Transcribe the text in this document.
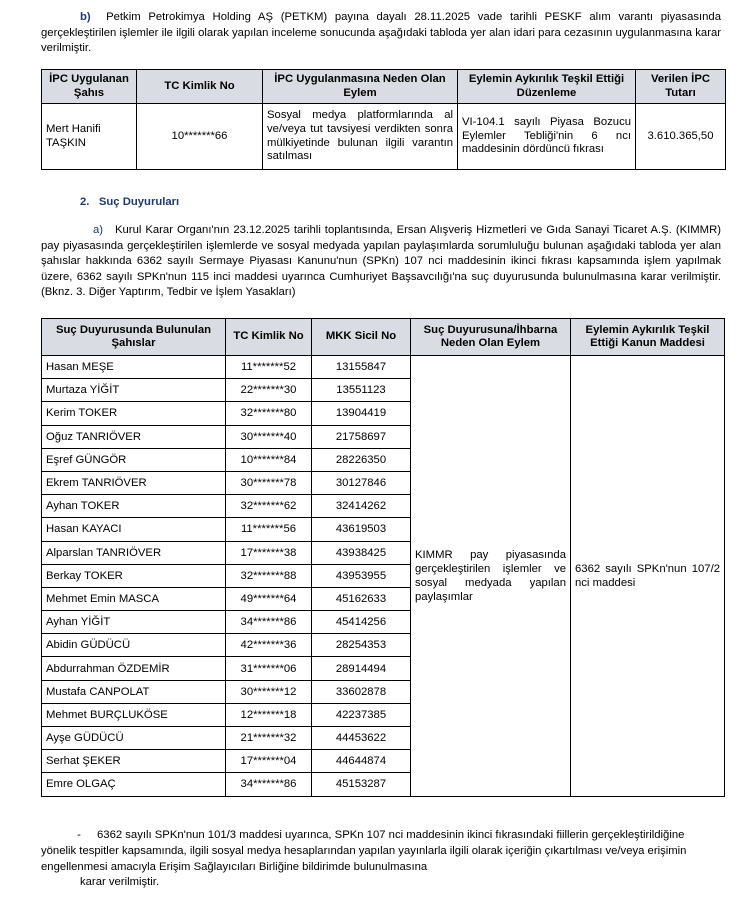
b) Petkim Petrokimya Holding AŞ (PETKM) payına dayalı 28.11.2025 vade tarihli PESKF alım varantı piyasasında gerçekleştirilen işlemler ile ilgili olarak yapılan inceleme sonucunda aşağıdaki tabloda yer alan idari para cezasının uygulanmasına karar verilmiştir.
İPC Uygulanan Şahıs	TC Kimlik No	İPC Uygulanmasına Neden Olan Eylem	Eylemin Aykırılık Teşkil Ettiği Düzenleme	Verilen İPC Tutarı
Mert Hanifi TAŞKIN	10*******66	Sosyal medya platformlarında al ve/veya tut tavsiyesi verdikten sonra mülkiyetinde bulunan ilgili varantın satılması	VI-104.1 sayılı Piyasa Bozucu Eylemler Tebliği'nin 6 ncı maddesinin dördüncü fıkrası	3.610.365,50
2. Suç Duyuruları
a) Kurul Karar Organı'nın 23.12.2025 tarihli toplantısında, Ersan Alışveriş Hizmetleri ve Gıda Sanayi Ticaret A.Ş. (KIMMR) pay piyasasında gerçekleştirilen işlemlerde ve sosyal medyada yapılan paylaşımlarda sorumluluğu bulunan aşağıdaki tabloda yer alan şahıslar hakkında 6362 sayılı Sermaye Piyasası Kanunu'nun (SPKn) 107 nci maddesinin ikinci fıkrası kapsamında işlem yapılmak üzere, 6362 sayılı SPKn'nun 115 inci maddesi uyarınca Cumhuriyet Başsavcılığı'na suç duyurusunda bulunulmasına karar verilmiştir. (Bknz. 3. Diğer Yaptırım, Tedbir ve İşlem Yasakları)
Suç Duyurusunda Bulunulan Şahıslar	TC Kimlik No	MKK Sicil No	Suç Duyurusuna/İhbarna Neden Olan Eylem	Eylemin Aykırılık Teşkil Ettiği Kanun Maddesi
Hasan MEŞE	11*******52	13155847	KIMMR pay piyasasında gerçekleştirilen işlemler ve sosyal medyada yapılan paylaşımlar	6362 sayılı SPKn'nun 107/2 nci maddesi
Murtaza YİĞİT	22*******30	13551123		
Kerim TOKER	32*******80	13904419		
Oğuz TANRIÖVER	30*******40	21758697		
Eşref GÜNGÖR	10*******84	28226350		
Ekrem TANRIÖVER	30*******78	30127846		
Ayhan TOKER	32*******62	32414262		
Hasan KAYACI	11*******56	43619503		
Alparslan TANRIÖVER	17*******38	43938425		
Berkay TOKER	32*******88	43953955		
Mehmet Emin MASCA	49*******64	45162633		
Ayhan YİĞİT	34*******86	45414256		
Abidin GÜDÜCÜ	42*******36	28254353		
Abdurrahman ÖZDEMİR	31*******06	28914494		
Mustafa CANPOLAT	30*******12	33602878		
Mehmet BURÇLUKÖSE	12*******18	42237385		
Ayşe GÜDÜCÜ	21*******32	44453622		
Serhat ŞEKER	17*******04	44644874		
Emre OLGAÇ	34*******86	45153287		
- 6362 sayılı SPKn'nun 101/3 maddesi uyarınca, SPKn 107 nci maddesinin ikinci fıkrasındaki fiillerin gerçekleştirildiğine yönelik tespitler kapsamında, ilgili sosyal medya hesaplarından yapılan yayınlarla ilgili olarak içeriğin çıkartılması ve/veya erişimin engellenmesi amacıyla Erişim Sağlayıcıları Birliğine bildirimde bulunulmasına
karar verilmiştir.
